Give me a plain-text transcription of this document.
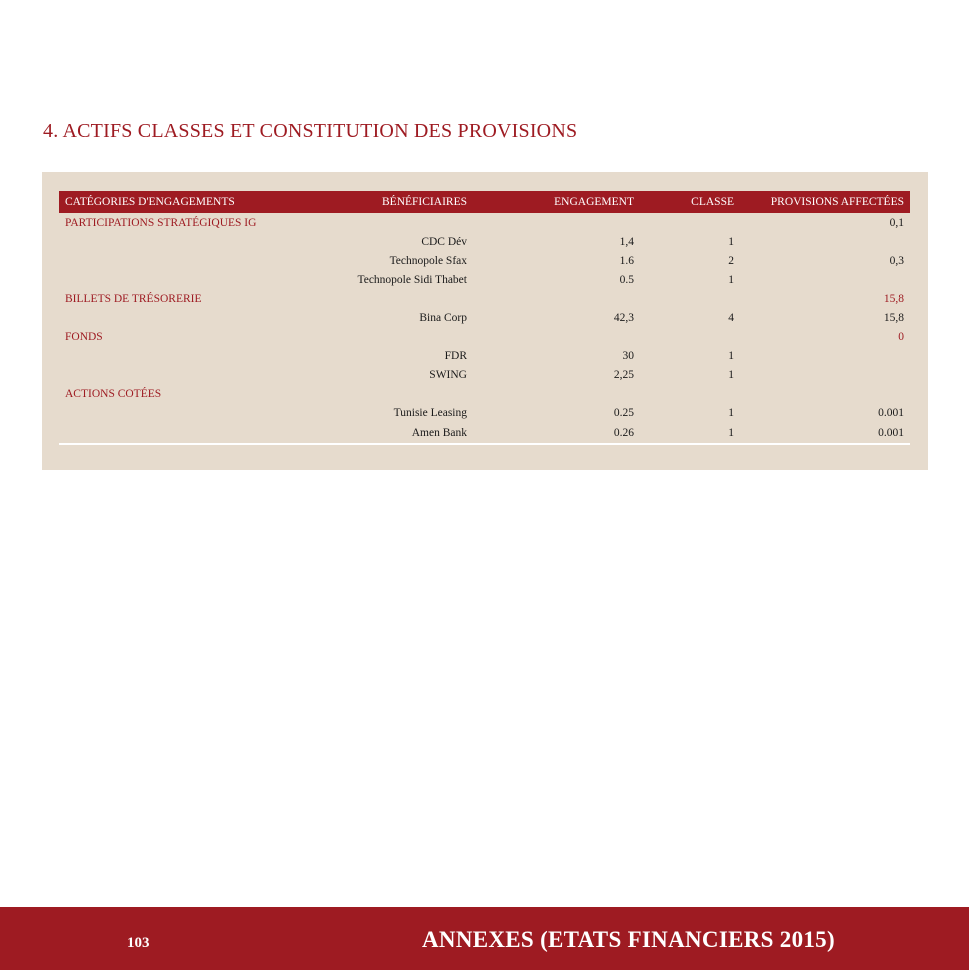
4. ACTIFS CLASSES ET CONSTITUTION DES PROVISIONS
CATÉGORIES D'ENGAGEMENTS	BÉNÉFICIAIRES	ENGAGEMENT	CLASSE	PROVISIONS AFFECTÉES
PARTICIPATIONS STRATÉGIQUES IG				0,1
	CDC Dév	1,4	1	
	Technopole Sfax	1.6	2	0,3
	Technopole Sidi Thabet	0.5	1	
BILLETS DE TRÉSORERIE				15,8
	Bina Corp	42,3	4	15,8
FONDS				0
	FDR	30	1	
	SWING	2,25	1	
ACTIONS COTÉES				
	Tunisie Leasing	0.25	1	0.001
	Amen Bank	0.26	1	0.001
103	ANNEXES (ETATS FINANCIERS 2015)
